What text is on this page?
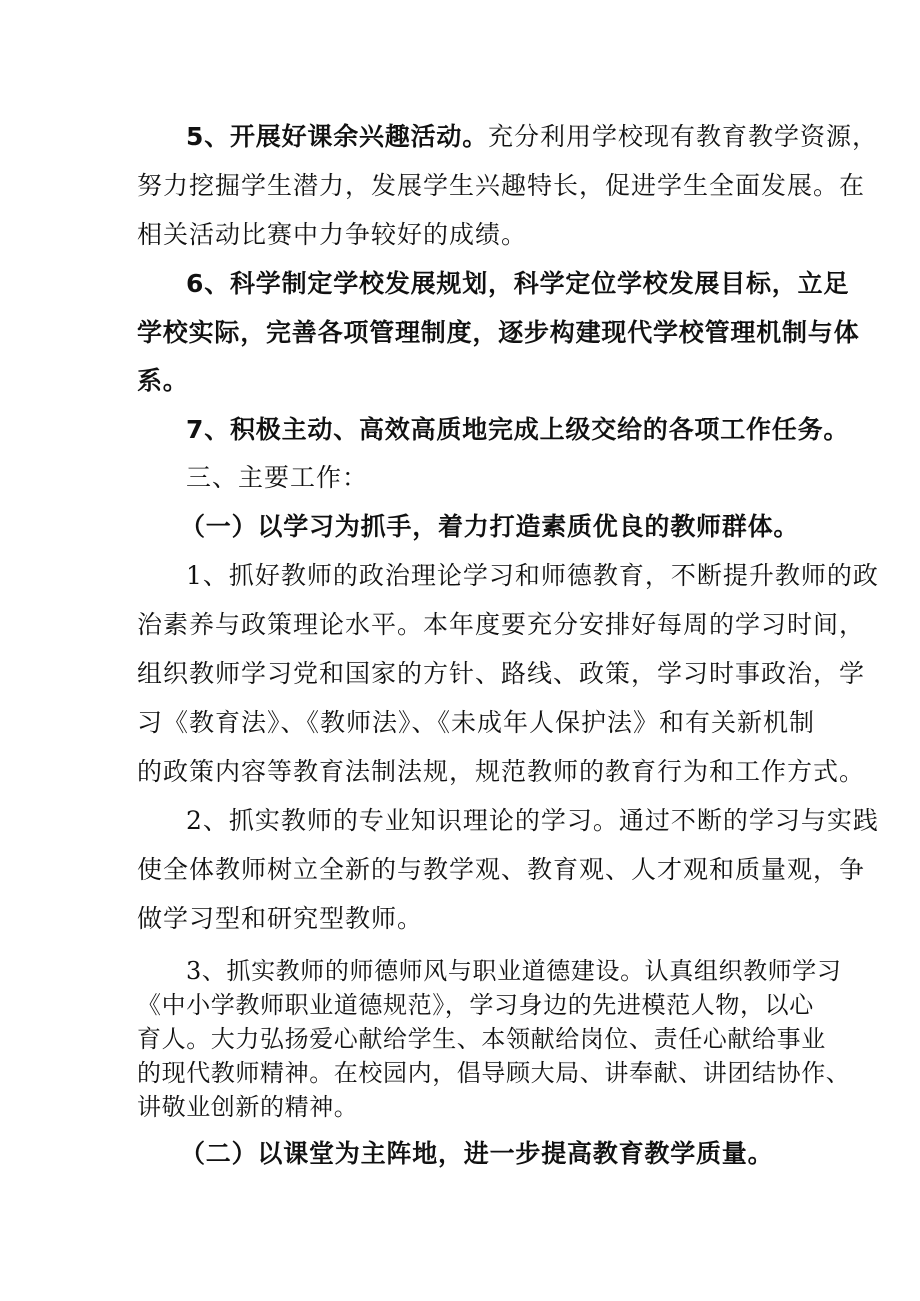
5、开展好课余兴趣活动。充分利用学校现有教育教学资源，
努力挖掘学生潜力，发展学生兴趣特长，促进学生全面发展。在
相关活动比赛中力争较好的成绩。
6、科学制定学校发展规划，科学定位学校发展目标，立足
学校实际，完善各项管理制度，逐步构建现代学校管理机制与体
系。
7、积极主动、高效高质地完成上级交给的各项工作任务。
三、主要工作：
（一）以学习为抓手，着力打造素质优良的教师群体。
1、抓好教师的政治理论学习和师德教育，不断提升教师的政
治素养与政策理论水平。本年度要充分安排好每周的学习时间，
组织教师学习党和国家的方针、路线、政策，学习时事政治，学
习《教育法》、《教师法》、《未成年人保护法》和有关新机制
的政策内容等教育法制法规，规范教师的教育行为和工作方式。
2、抓实教师的专业知识理论的学习。通过不断的学习与实践
使全体教师树立全新的与教学观、教育观、人才观和质量观，争
做学习型和研究型教师。
3、抓实教师的师德师风与职业道德建设。认真组织教师学习
《中小学教师职业道德规范》，学习身边的先进模范人物，以心
育人。大力弘扬爱心献给学生、本领献给岗位、责任心献给事业
的现代教师精神。在校园内，倡导顾大局、讲奉献、讲团结协作、
讲敬业创新的精神。
（二）以课堂为主阵地，进一步提高教育教学质量。
